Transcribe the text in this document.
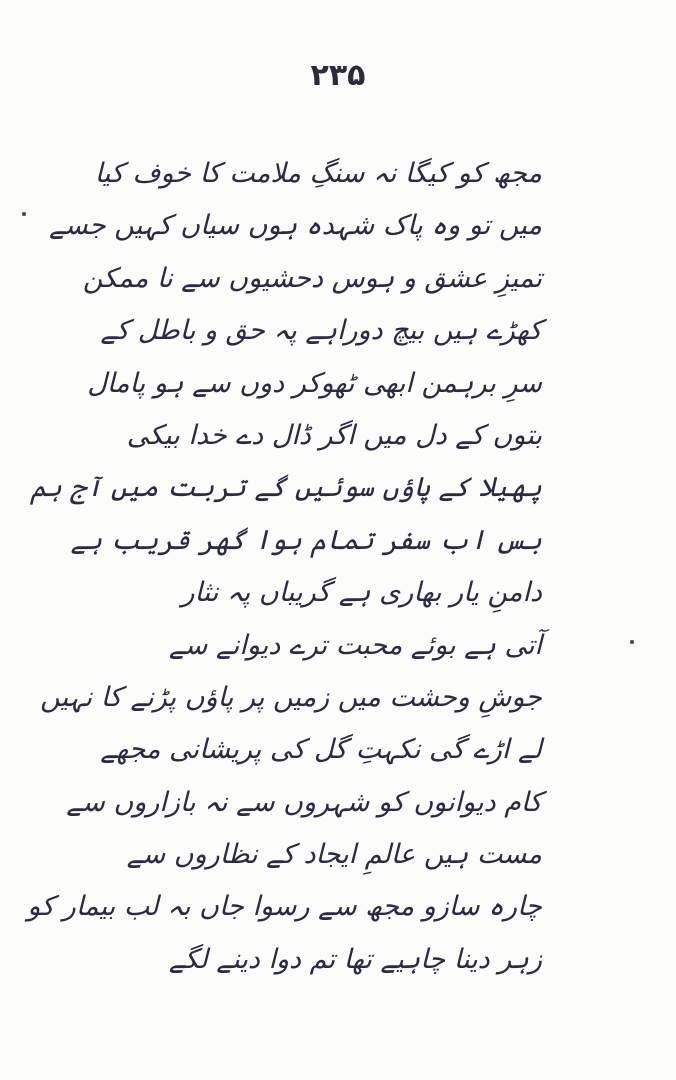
۲۳۵
مجھ کو کیگا نہ سنگِ ملامت کا خوف کیا
میں تو وہ پاک شہدہ ہوں سیاں کہیں جسے
تمیزِ عشق و ہوس دحشیوں سے نا ممکن
کھڑے ہیں بیچ دوراہے پہ حق و باطل کے
سرِ برہمن ابھی ٹھوکر دوں سے ہو پامال
بتوں کے دل میں اگر ڈال دے خدا بیکی
پھیلا کے پاؤں سوئیں گے تربت میں آج ہم
بس اب سفر تمام ہوا گھر قریب ہے
دامنِ یار بھاری ہے گریباں پہ نثار
آتی ہے بوئے محبت ترے دیوانے سے
جوشِ وحشت میں زمیں پر پاؤں پڑنے کا نہیں
لے اڑے گی نکہتِ گل کی پریشانی مجھے
کام دیوانوں کو شہروں سے نہ بازاروں سے
مست ہیں عالمِ ایجاد کے نظاروں سے
چارہ سازو مجھ سے رسوا جاں بہ لب بیمار کو
زہر دینا چاہیے تھا تم دوا دینے لگے
